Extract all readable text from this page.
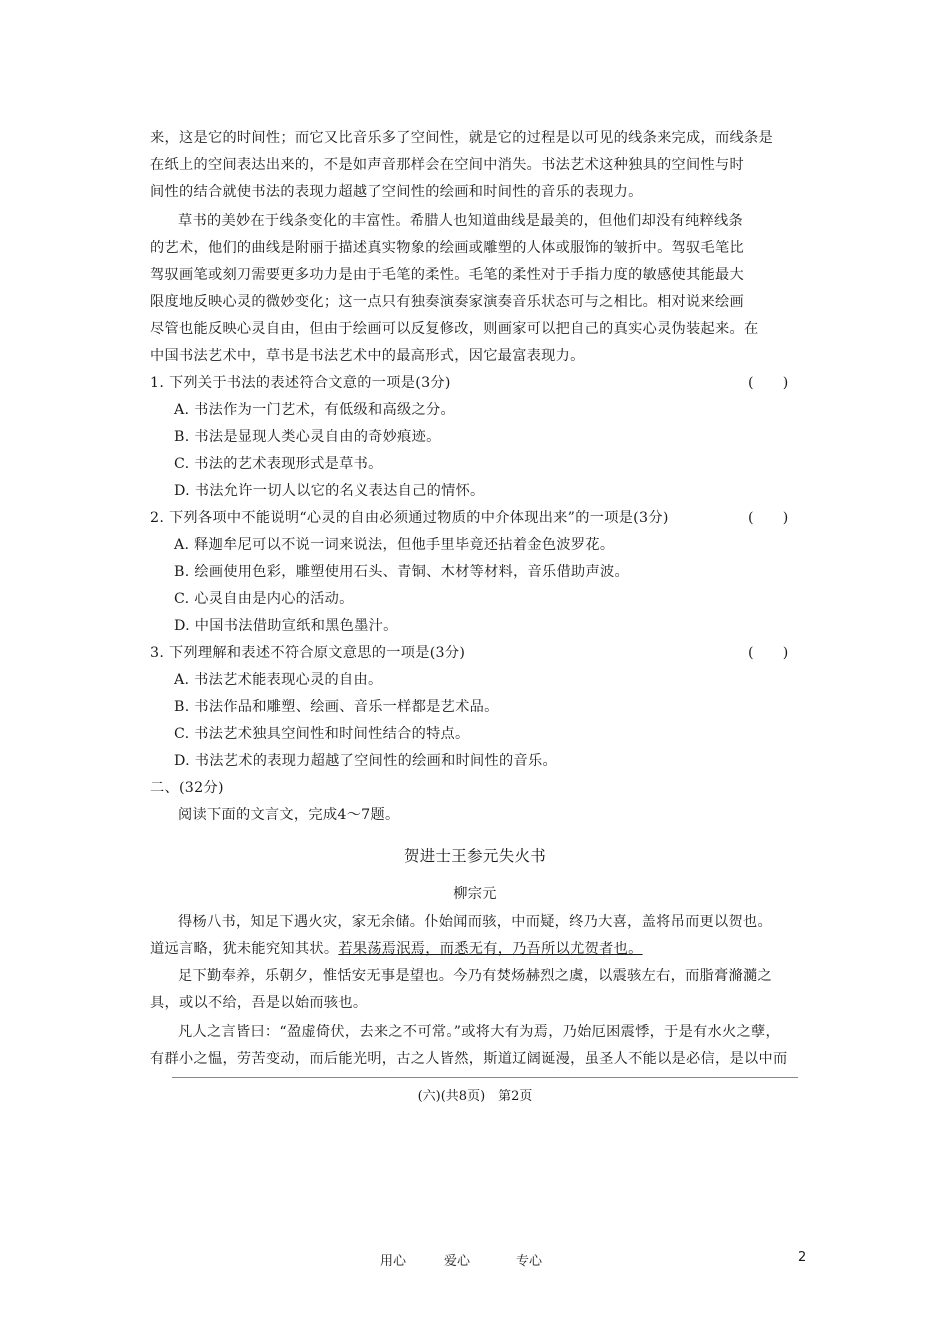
来，这是它的时间性；而它又比音乐多了空间性，就是它的过程是以可见的线条来完成，而线条是
在纸上的空间表达出来的，不是如声音那样会在空间中消失。书法艺术这种独具的空间性与时
间性的结合就使书法的表现力超越了空间性的绘画和时间性的音乐的表现力。
草书的美妙在于线条变化的丰富性。希腊人也知道曲线是最美的，但他们却没有纯粹线条
的艺术，他们的曲线是附丽于描述真实物象的绘画或雕塑的人体或服饰的皱折中。驾驭毛笔比
驾驭画笔或刻刀需要更多功力是由于毛笔的柔性。毛笔的柔性对于手指力度的敏感使其能最大
限度地反映心灵的微妙变化；这一点只有独奏演奏家演奏音乐状态可与之相比。相对说来绘画
尽管也能反映心灵自由，但由于绘画可以反复修改，则画家可以把自己的真实心灵伪装起来。在
中国书法艺术中，草书是书法艺术中的最高形式，因它最富表现力。
1. 下列关于书法的表述符合文意的一项是(3分)	(　　)
A. 书法作为一门艺术，有低级和高级之分。
B. 书法是显现人类心灵自由的奇妙痕迹。
C. 书法的艺术表现形式是草书。
D. 书法允许一切人以它的名义表达自己的情怀。
2. 下列各项中不能说明“心灵的自由必须通过物质的中介体现出来”的一项是(3分)	(　　)
A. 释迦牟尼可以不说一词来说法，但他手里毕竟还拈着金色波罗花。
B. 绘画使用色彩，雕塑使用石头、青铜、木材等材料，音乐借助声波。
C. 心灵自由是内心的活动。
D. 中国书法借助宣纸和黑色墨汁。
3. 下列理解和表述不符合原文意思的一项是(3分)	(　　)
A. 书法艺术能表现心灵的自由。
B. 书法作品和雕塑、绘画、音乐一样都是艺术品。
C. 书法艺术独具空间性和时间性结合的特点。
D. 书法艺术的表现力超越了空间性的绘画和时间性的音乐。
二、(32分)
阅读下面的文言文，完成4～7题。
贺进士王参元失火书
柳宗元
得杨八书，知足下遇火灾，家无余储。仆始闻而骇，中而疑，终乃大喜，盖将吊而更以贺也。
道远言略，犹未能究知其状。若果荡焉泯焉，而悉无有，乃吾所以尤贺者也。
足下勤奉养，乐朝夕，惟恬安无事是望也。今乃有焚炀赫烈之虞，以震骇左右，而脂膏滫瀡之
具，或以不给，吾是以始而骇也。
凡人之言皆曰：“盈虚倚伏，去来之不可常。”或将大有为焉，乃始厄困震悸，于是有水火之孽，
有群小之愠，劳苦变动，而后能光明，古之人皆然，斯道辽阔诞漫，虽圣人不能以是必信，是以中而
(六)(共8页)　第2页
用心	爱心	专心	2
